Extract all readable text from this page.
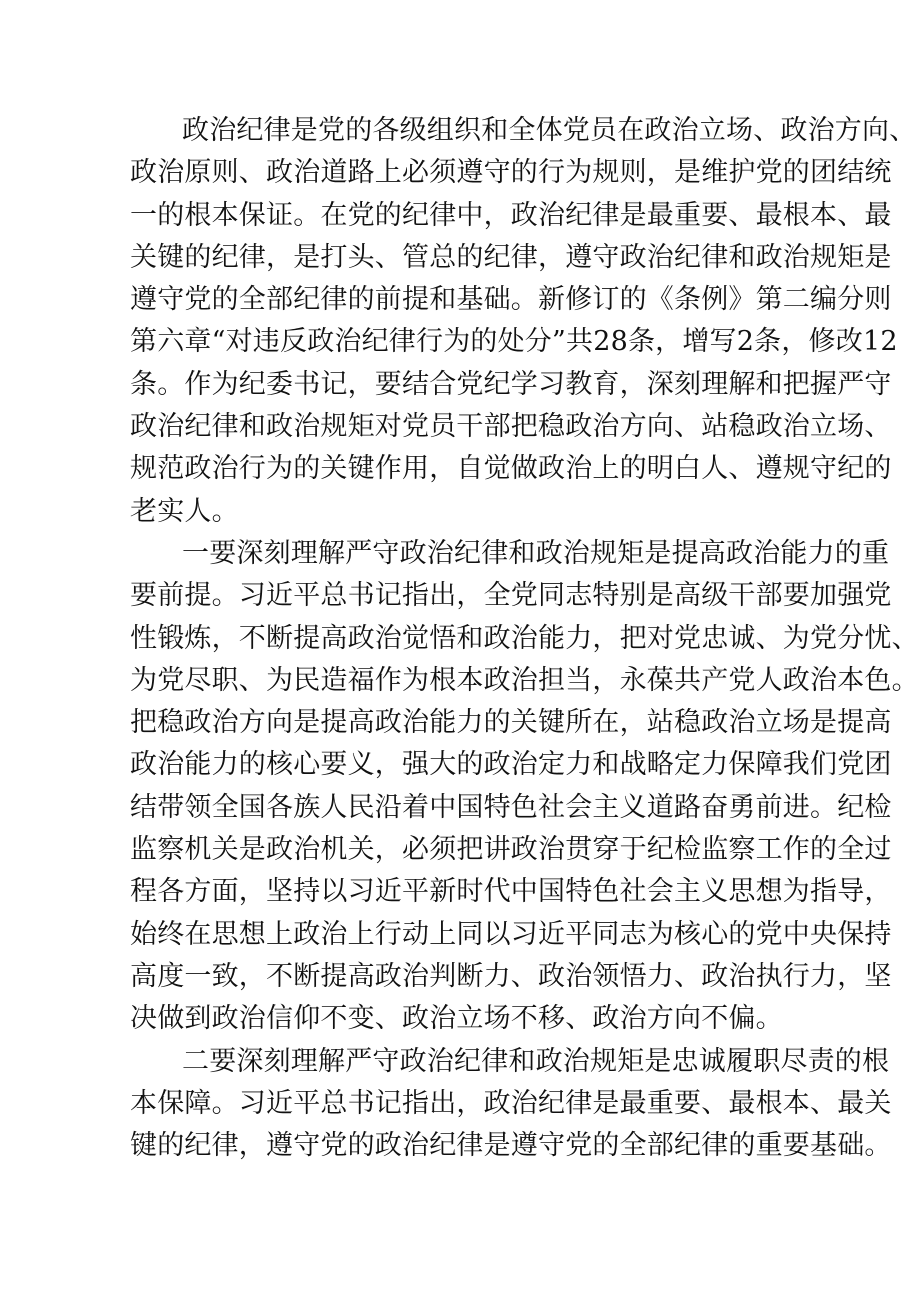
政治纪律是党的各级组织和全体党员在政治立场、政治方向、
政治原则、政治道路上必须遵守的行为规则，是维护党的团结统
一的根本保证。在党的纪律中，政治纪律是最重要、最根本、最
关键的纪律，是打头、管总的纪律，遵守政治纪律和政治规矩是
遵守党的全部纪律的前提和基础。新修订的《条例》第二编分则
第六章“对违反政治纪律行为的处分”共28条，增写2条，修改12
条。作为纪委书记，要结合党纪学习教育，深刻理解和把握严守
政治纪律和政治规矩对党员干部把稳政治方向、站稳政治立场、
规范政治行为的关键作用，自觉做政治上的明白人、遵规守纪的
老实人。
一要深刻理解严守政治纪律和政治规矩是提高政治能力的重
要前提。习近平总书记指出，全党同志特别是高级干部要加强党
性锻炼，不断提高政治觉悟和政治能力，把对党忠诚、为党分忧、
为党尽职、为民造福作为根本政治担当，永葆共产党人政治本色。
把稳政治方向是提高政治能力的关键所在，站稳政治立场是提高
政治能力的核心要义，强大的政治定力和战略定力保障我们党团
结带领全国各族人民沿着中国特色社会主义道路奋勇前进。纪检
监察机关是政治机关，必须把讲政治贯穿于纪检监察工作的全过
程各方面，坚持以习近平新时代中国特色社会主义思想为指导，
始终在思想上政治上行动上同以习近平同志为核心的党中央保持
高度一致，不断提高政治判断力、政治领悟力、政治执行力，坚
决做到政治信仰不变、政治立场不移、政治方向不偏。
二要深刻理解严守政治纪律和政治规矩是忠诚履职尽责的根
本保障。习近平总书记指出，政治纪律是最重要、最根本、最关
键的纪律，遵守党的政治纪律是遵守党的全部纪律的重要基础。
